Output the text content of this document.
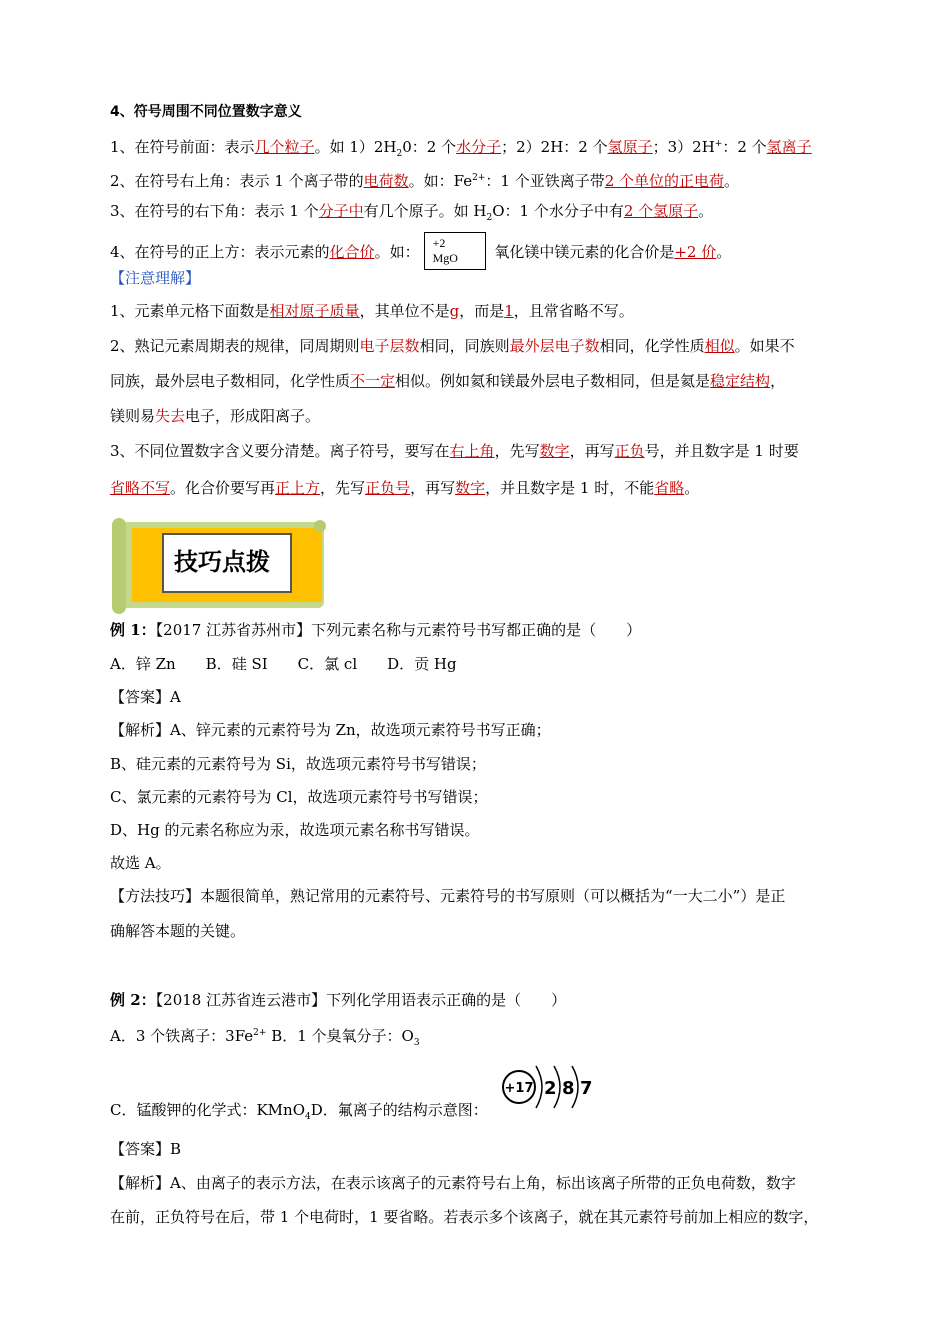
4、符号周围不同位置数字意义
1、在符号前面：表示几个粒子。如 $1)2H_20$：2 个水分子；2）2H：2 个氢原子；3）2H+：2 个氢离子
2、在符号右上角：表示 1 个离子带的电荷数。如：$Fe^{2+}$：1 个亚铁离子带2 个单位的正电荷。
3、在符号的右下角：表示 1 个分子中有几个原子。如 $H_2O$：1 个水分子中有2 个氢原子。
4、在符号的正上方：表示元素的化合价。如： +2
MgO 氧化镁中镁元素的化合价是+2 价。
【注意理解】
1、元素单元格下面数是相对原子质量，其单位不是g，而是1，且常省略不写。
2、熟记元素周期表的规律，同周期则电子层数相同，同族则最外层电子数相同，化学性质相似。如果不
同族，最外层电子数相同，化学性质不一定相似。例如氦和镁最外层电子数相同，但是氦是稳定结构，
镁则易失去电子，形成阳离子。
3、不同位置数字含义要分清楚。离子符号，要写在右上角，先写数字，再写正负号，并且数字是 1 时要
省略不写。化合价要写再正上方，先写正负号，再写数字，并且数字是 1 时，不能省略。
技巧点拨
例 1：【2017 江苏省苏州市】下列元素名称与元素符号书写都正确的是（　　）
A．锌 Zn　　B．硅 SI　　C．氯 cl　　D．贡 Hg
【答案】A
【解析】A、锌元素的元素符号为 Zn，故选项元素符号书写正确；
B、硅元素的元素符号为 Si，故选项元素符号书写错误；
C、氯元素的元素符号为 Cl，故选项元素符号书写错误；
D、Hg 的元素名称应为汞，故选项元素名称书写错误。
故选 A。
【方法技巧】本题很简单，熟记常用的元素符号、元素符号的书写原则（可以概括为“一大二小”）是正
确解答本题的关键。
例 2：【2018 江苏省连云港市】下列化学用语表示正确的是（　　）
A．3 个铁离子：$3Fe^{2+}$ B．1 个臭氧分子：$O_3$
+17 2 8 7
C．锰酸钾的化学式：KMnO$_4$D．氟离子的结构示意图：
【答案】B
【解析】A、由离子的表示方法，在表示该离子的元素符号右上角，标出该离子所带的正负电荷数，数字
在前，正负符号在后，带 1 个电荷时，1 要省略。若表示多个该离子，就在其元素符号前加上相应的数字，
